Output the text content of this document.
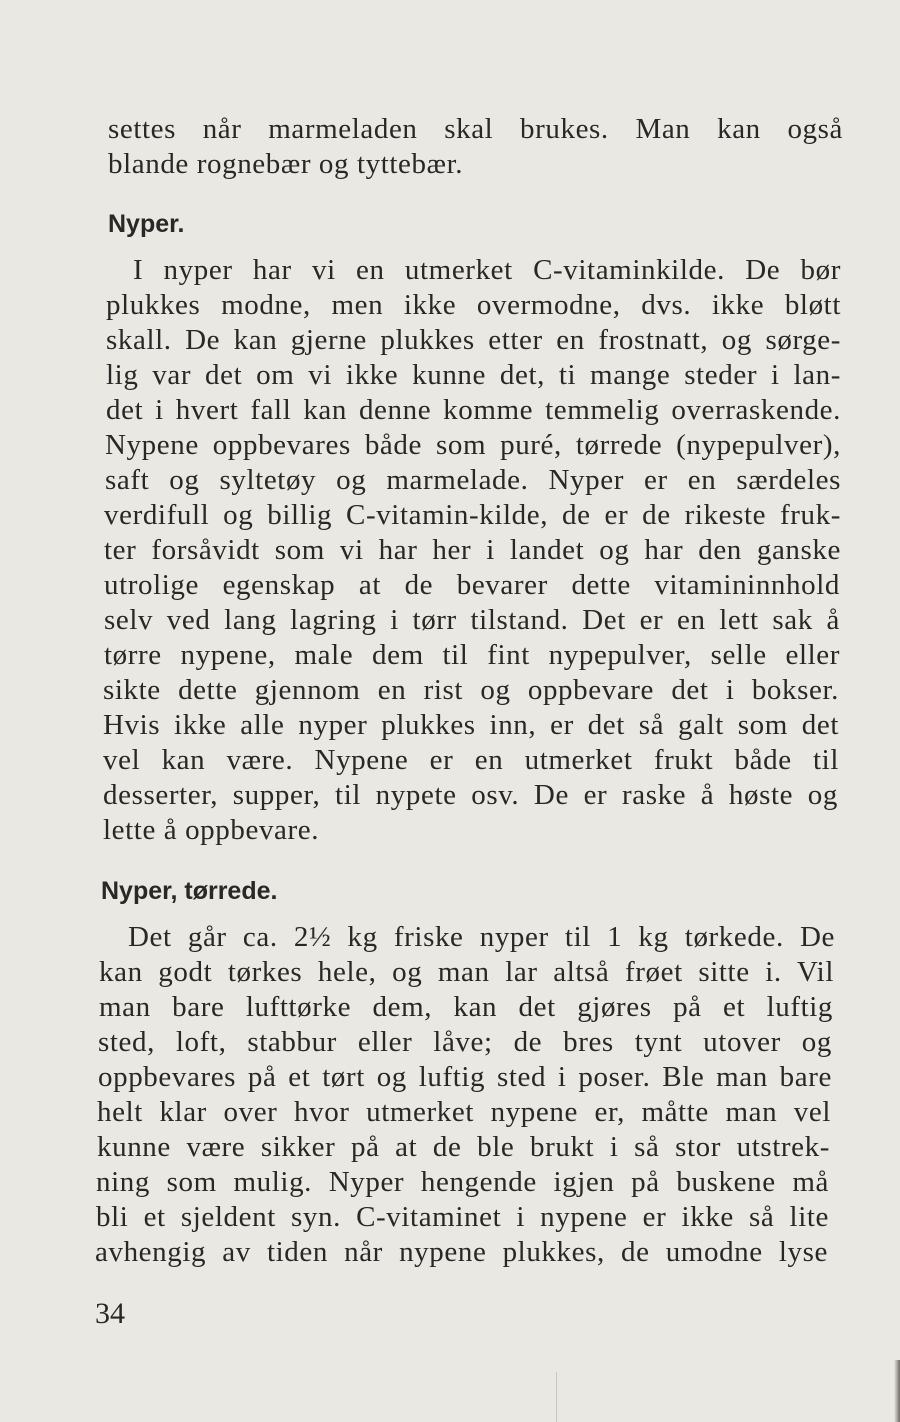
settes når marmeladen skal brukes. Man kan også
blande rognebær og tyttebær.
Nyper.
I nyper har vi en utmerket C-vitaminkilde. De bør
plukkes modne, men ikke overmodne, dvs. ikke bløtt
skall. De kan gjerne plukkes etter en frostnatt, og sørge-
lig var det om vi ikke kunne det, ti mange steder i lan-
det i hvert fall kan denne komme temmelig overraskende.
Nypene oppbevares både som puré, tørrede (nypepulver),
saft og syltetøy og marmelade. Nyper er en særdeles
verdifull og billig C-vitamin-kilde, de er de rikeste fruk-
ter forsåvidt som vi har her i landet og har den ganske
utrolige egenskap at de bevarer dette vitamininnhold
selv ved lang lagring i tørr tilstand. Det er en lett sak å
tørre nypene, male dem til fint nypepulver, selle eller
sikte dette gjennom en rist og oppbevare det i bokser.
Hvis ikke alle nyper plukkes inn, er det så galt som det
vel kan være. Nypene er en utmerket frukt både til
desserter, supper, til nypete osv. De er raske å høste og
lette å oppbevare.
Nyper, tørrede.
Det går ca. 2½ kg friske nyper til 1 kg tørkede. De
kan godt tørkes hele, og man lar altså frøet sitte i. Vil
man bare lufttørke dem, kan det gjøres på et luftig
sted, loft, stabbur eller låve; de bres tynt utover og
oppbevares på et tørt og luftig sted i poser. Ble man bare
helt klar over hvor utmerket nypene er, måtte man vel
kunne være sikker på at de ble brukt i så stor utstrek-
ning som mulig. Nyper hengende igjen på buskene må
bli et sjeldent syn. C-vitaminet i nypene er ikke så lite
avhengig av tiden når nypene plukkes, de umodne lyse
34
